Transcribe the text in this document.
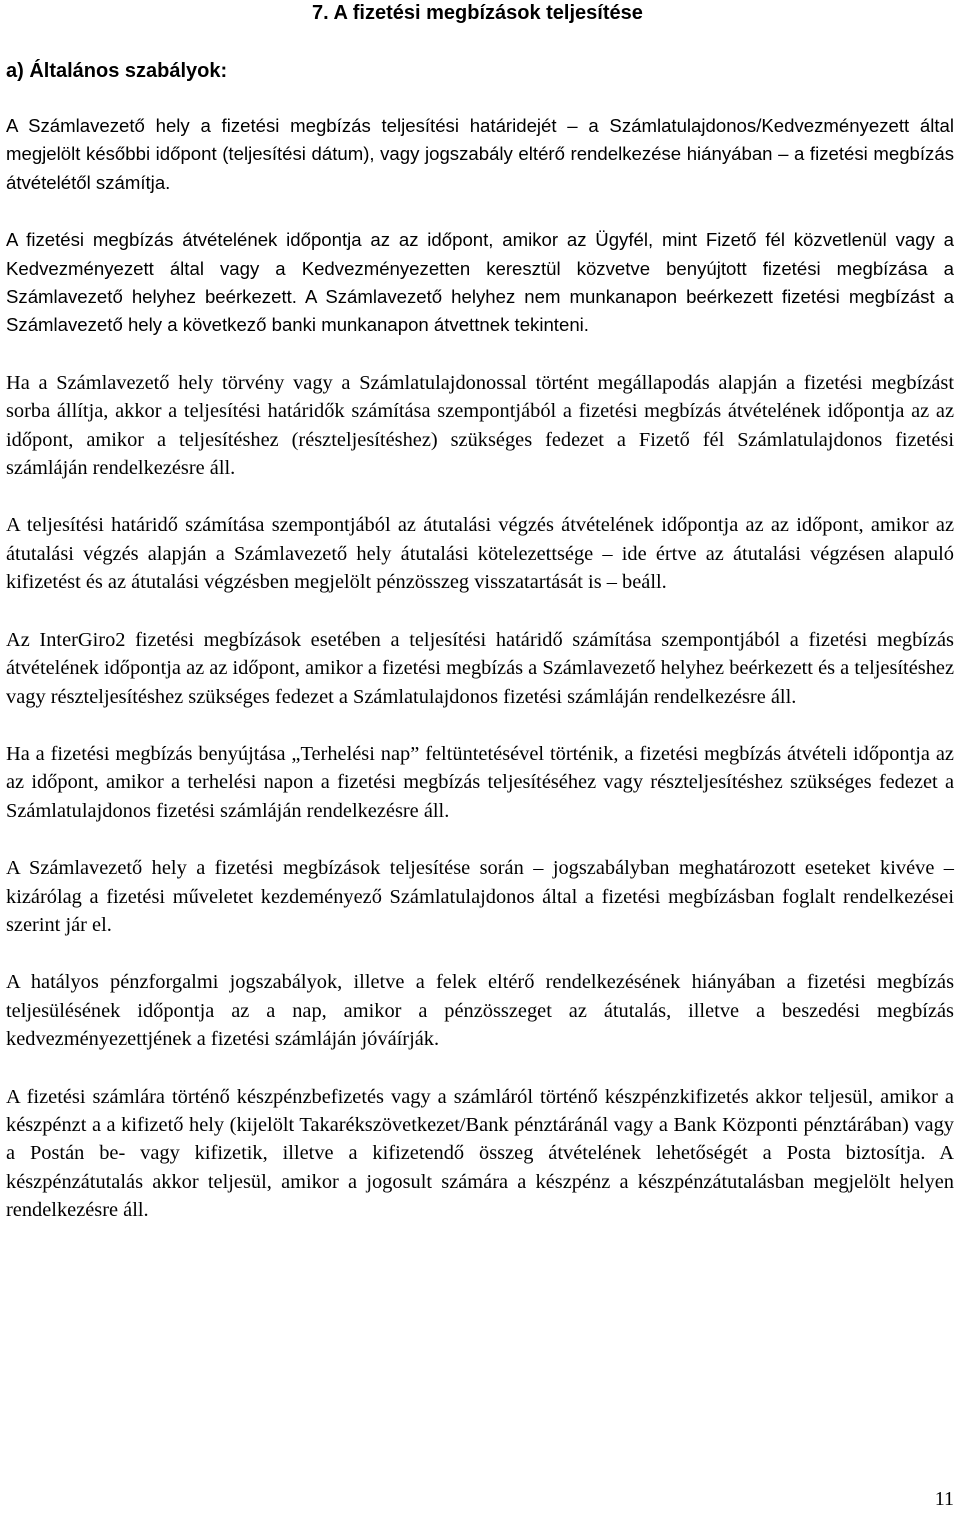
7. A fizetési megbízások teljesítése
a) Általános szabályok:

A Számlavezető hely a fizetési megbízás teljesítési határidejét – a Számlatulajdonos/Kedvezményezett által megjelölt későbbi időpont (teljesítési dátum), vagy jogszabály eltérő rendelkezése hiányában – a fizetési megbízás átvételétől számítja.

A fizetési megbízás átvételének időpontja az az időpont, amikor az Ügyfél, mint Fizető fél közvetlenül vagy a Kedvezményezett által vagy a Kedvezményezetten keresztül közvetve benyújtott fizetési megbízása a Számlavezető helyhez beérkezett. A Számlavezető helyhez nem munkanapon beérkezett fizetési megbízást a Számlavezető hely a következő banki munkanapon átvettnek tekinteni.

Ha a Számlavezető hely törvény vagy a Számlatulajdonossal történt megállapodás alapján a fizetési megbízást sorba állítja, akkor a teljesítési határidők számítása szempontjából a fizetési megbízás átvételének időpontja az az időpont, amikor a teljesítéshez (részteljesítéshez) szükséges fedezet a Fizető fél Számlatulajdonos fizetési számláján rendelkezésre áll.

A teljesítési határidő számítása szempontjából az átutalási végzés átvételének időpontja az az időpont, amikor az átutalási végzés alapján a Számlavezető hely átutalási kötelezettsége – ide értve az átutalási végzésen alapuló kifizetést és az átutalási végzésben megjelölt pénzösszeg visszatartását is – beáll.

Az InterGiro2 fizetési megbízások esetében a teljesítési határidő számítása szempontjából a fizetési megbízás átvételének időpontja az az időpont, amikor a fizetési megbízás a Számlavezető helyhez beérkezett és a teljesítéshez vagy részteljesítéshez szükséges fedezet a Számlatulajdonos fizetési számláján rendelkezésre áll.

Ha a fizetési megbízás benyújtása „Terhelési nap” feltüntetésével történik, a fizetési megbízás átvételi időpontja az az időpont, amikor a terhelési napon a fizetési megbízás teljesítéséhez vagy részteljesítéshez szükséges fedezet a Számlatulajdonos fizetési számláján rendelkezésre áll.

A Számlavezető hely a fizetési megbízások teljesítése során – jogszabályban meghatározott eseteket kivéve – kizárólag a fizetési műveletet kezdeményező Számlatulajdonos által a fizetési megbízásban foglalt rendelkezései szerint jár el.

A hatályos pénzforgalmi jogszabályok, illetve a felek eltérő rendelkezésének hiányában a fizetési megbízás teljesülésének időpontja az a nap, amikor a pénzösszeget az átutalás, illetve a beszedési megbízás kedvezményezettjének a fizetési számláján jóváírják.

A fizetési számlára történő készpénzbefizetés vagy a számláról történő készpénzkifizetés akkor teljesül, amikor a készpénzt a a kifizető hely (kijelölt Takarékszövetkezet/Bank pénztáránál vagy a Bank Központi pénztárában) vagy a Postán be- vagy kifizetik, illetve a kifizetendő összeg átvételének lehetőségét a Posta biztosítja. A készpénzátutalás akkor teljesül, amikor a jogosult számára a készpénz a készpénzátutalásban megjelölt helyen rendelkezésre áll.

11
